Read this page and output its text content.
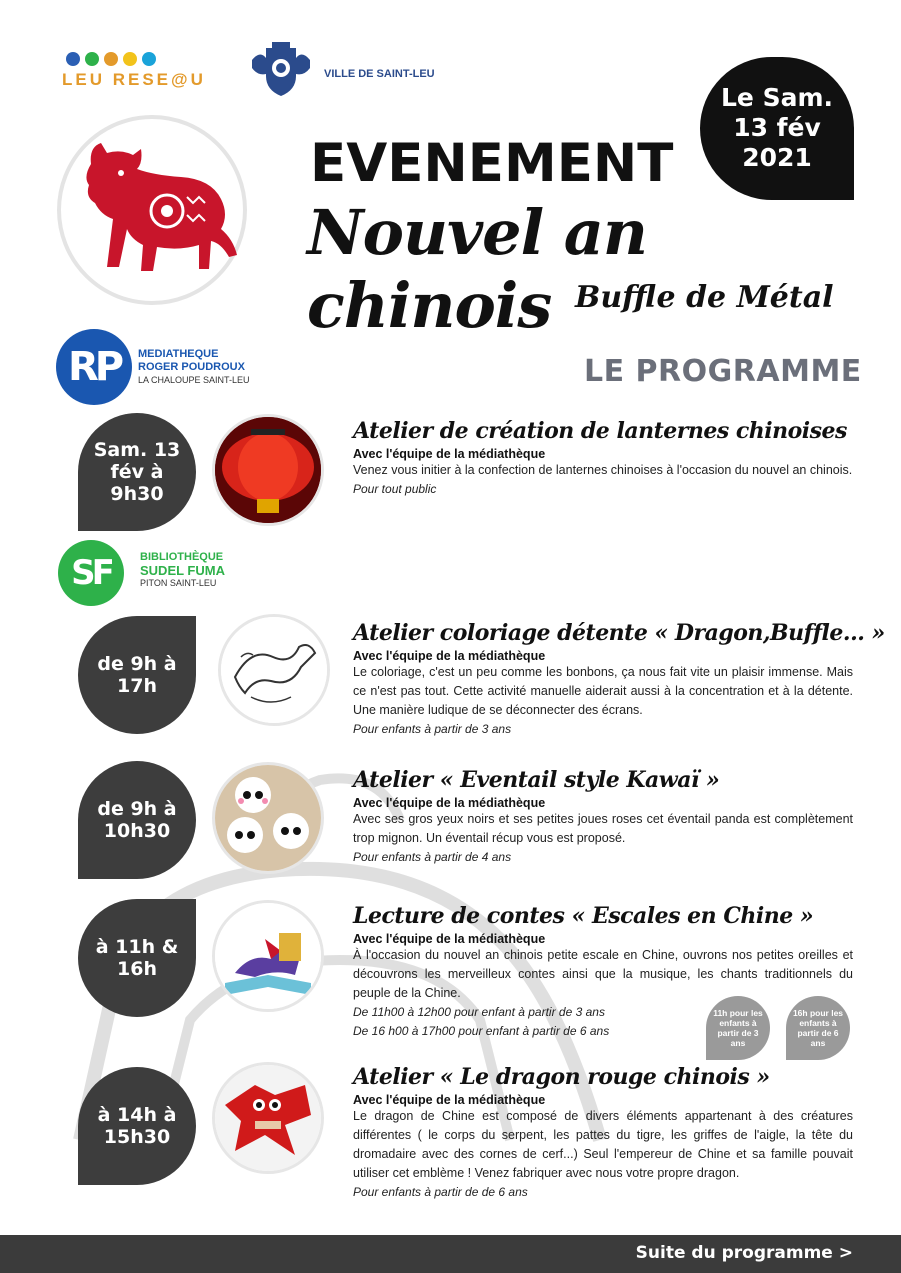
LEU RESE@U	VILLE DE SAINT-LEU
Le Sam.
13 fév
2021
EVENEMENT
Nouvel an chinois Buffle de Métal
RP	MEDIATHEQUE
ROGER POUDROUX
LA CHALOUPE SAINT-LEU	LE PROGRAMME
Sam. 13
fév à
9h30
Atelier de création de lanternes chinoises
Avec l'équipe de la médiathèque
Venez vous initier à la confection de lanternes chinoises à l'occasion du nouvel an chinois.
Pour tout public
SF	BIBLIOTHÈQUE
SUDEL FUMA
PITON SAINT-LEU
de 9h à
17h
Atelier coloriage détente « Dragon,Buffle... »
Avec l'équipe de la médiathèque
Le coloriage, c'est un peu comme les bonbons, ça nous fait vite un plaisir immense. Mais ce n'est pas tout. Cette activité manuelle aiderait aussi à la concentration et à la détente. Une manière ludique de se déconnecter des écrans.
Pour enfants à partir de 3 ans
de 9h à
10h30
Atelier « Eventail style Kawaï »
Avec l'équipe de la médiathèque
Avec ses gros yeux noirs et ses petites joues roses cet éventail panda est complètement trop mignon. Un éventail récup vous est proposé.
Pour enfants à partir de 4 ans
à 11h & 16h
Lecture de contes « Escales en Chine »
Avec l'équipe de la médiathèque
À l'occasion du nouvel an chinois petite escale en Chine, ouvrons nos petites oreilles et découvrons les merveilleux contes ainsi que la musique, les chants traditionnels du peuple de la Chine.
De 11h00 à 12h00 pour enfant à partir de 3 ans
De 16 h00 à 17h00 pour enfant à partir de 6 ans
11h pour les enfants à partir de 3 ans
16h pour les enfants à partir de 6 ans
à 14h à
15h30
Atelier « Le dragon rouge chinois »
Avec l'équipe de la médiathèque
Le dragon de Chine est composé de divers éléments appartenant à des créatures différentes ( le corps du serpent, les pattes du tigre, les griffes de l'aigle, la tête du dromadaire avec des cornes de cerf...) Seul l'empereur de Chine et sa famille pouvait utiliser cet emblème ! Venez fabriquer avec nous votre propre dragon.
Pour enfants à partir de de 6 ans
Suite du programme >
